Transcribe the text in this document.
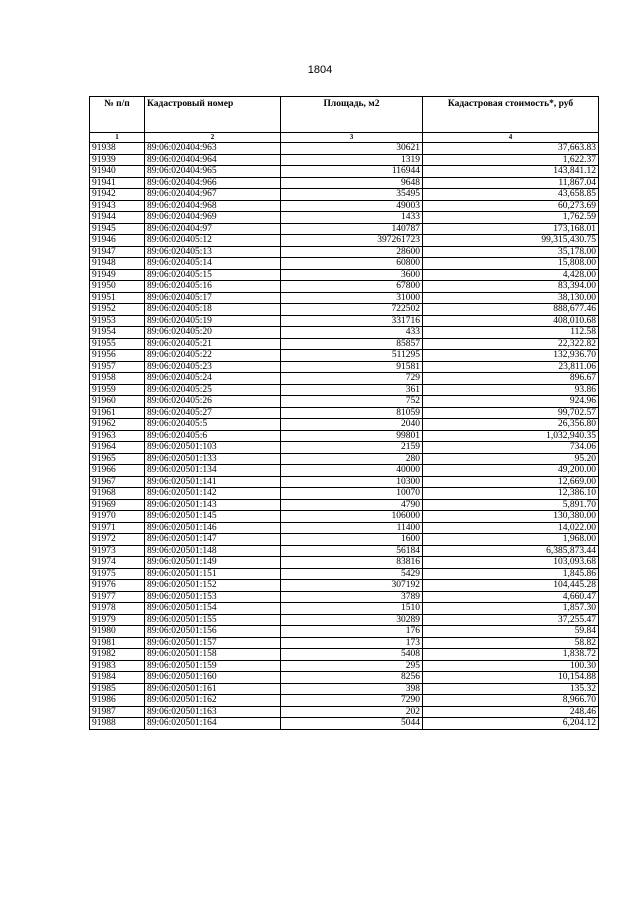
1804
№ п/п	Кадастровый номер	Площадь, м2	Кадастровая стоимость*, руб
1	2	3	4
91938	89:06:020404:963	30621	37,663.83
91939	89:06:020404:964	1319	1,622.37
91940	89:06:020404:965	116944	143,841.12
91941	89:06:020404:966	9648	11,867.04
91942	89:06:020404:967	35495	43,658.85
91943	89:06:020404:968	49003	60,273.69
91944	89:06:020404:969	1433	1,762.59
91945	89:06:020404:97	140787	173,168.01
91946	89:06:020405:12	397261723	99,315,430.75
91947	89:06:020405:13	28600	35,178.00
91948	89:06:020405:14	60800	15,808.00
91949	89:06:020405:15	3600	4,428.00
91950	89:06:020405:16	67800	83,394.00
91951	89:06:020405:17	31000	38,130.00
91952	89:06:020405:18	722502	888,677.46
91953	89:06:020405:19	331716	408,010.68
91954	89:06:020405:20	433	112.58
91955	89:06:020405:21	85857	22,322.82
91956	89:06:020405:22	511295	132,936.70
91957	89:06:020405:23	91581	23,811.06
91958	89:06:020405:24	729	896.67
91959	89:06:020405:25	361	93.86
91960	89:06:020405:26	752	924.96
91961	89:06:020405:27	81059	99,702.57
91962	89:06:020405:5	2040	26,356.80
91963	89:06:020405:6	99801	1,032,940.35
91964	89:06:020501:103	2159	734.06
91965	89:06:020501:133	280	95.20
91966	89:06:020501:134	40000	49,200.00
91967	89:06:020501:141	10300	12,669.00
91968	89:06:020501:142	10070	12,386.10
91969	89:06:020501:143	4790	5,891.70
91970	89:06:020501:145	106000	130,380.00
91971	89:06:020501:146	11400	14,022.00
91972	89:06:020501:147	1600	1,968.00
91973	89:06:020501:148	56184	6,385,873.44
91974	89:06:020501:149	83816	103,093.68
91975	89:06:020501:151	5429	1,845.86
91976	89:06:020501:152	307192	104,445.28
91977	89:06:020501:153	3789	4,660.47
91978	89:06:020501:154	1510	1,857.30
91979	89:06:020501:155	30289	37,255.47
91980	89:06:020501:156	176	59.84
91981	89:06:020501:157	173	58.82
91982	89:06:020501:158	5408	1,838.72
91983	89:06:020501:159	295	100.30
91984	89:06:020501:160	8256	10,154.88
91985	89:06:020501:161	398	135.32
91986	89:06:020501:162	7290	8,966.70
91987	89:06:020501:163	202	248.46
91988	89:06:020501:164	5044	6,204.12
